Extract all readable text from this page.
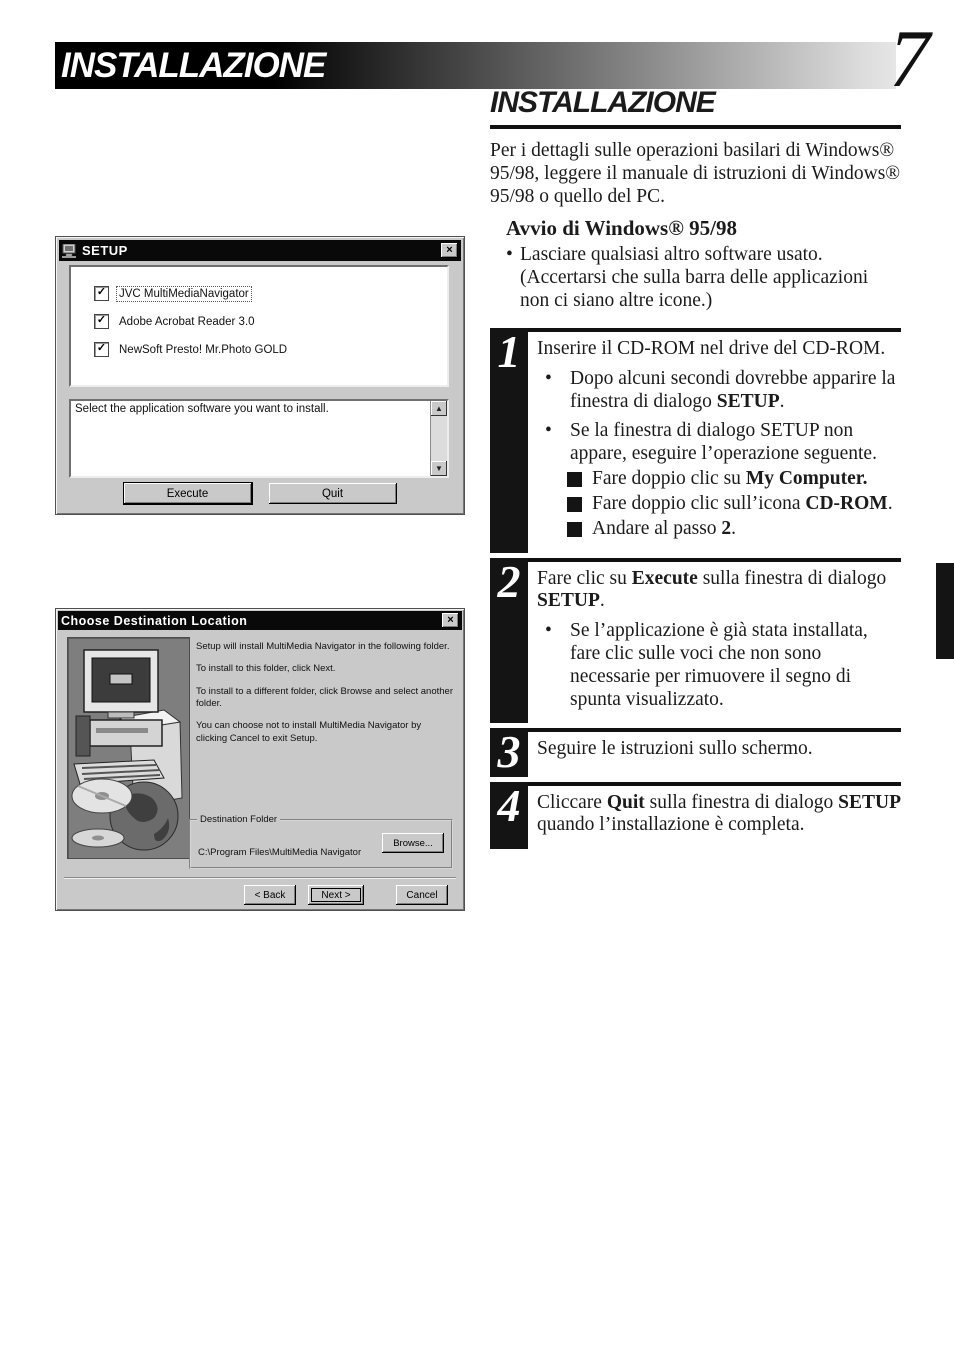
INSTALLAZIONE	7
SETUP	×
✓ JVC MultiMediaNavigator
✓ Adobe Acrobat Reader 3.0
✓ NewSoft Presto! Mr.Photo GOLD
Select the application software you want to install.	▲
▼
Execute	Quit
Choose Destination Location	×

Setup will install MultiMedia Navigator in the following folder.

To install to this folder, click Next.

To install to a different folder, click Browse and select another folder.

You can choose not to install MultiMedia Navigator by clicking Cancel to exit Setup.

Destination Folder
C:\Program Files\MultiMedia Navigator
Browse...
< Back	Next >	Cancel
INSTALLAZIONE

Per i dettagli sulle operazioni basilari di Windows® 95/98, leggere il manuale di istruzioni di Windows® 95/98 o quello del PC.

Avvio di Windows® 95/98
• Lasciare qualsiasi altro software usato. (Accertarsi che sulla barra delle applicazioni non ci siano altre icone.)
1 Inserire il CD-ROM nel drive del CD-ROM.
• Dopo alcuni secondi dovrebbe apparire la finestra di dialogo SETUP.
• Se la finestra di dialogo SETUP non appare, eseguire l’operazione seguente.
Fare doppio clic su My Computer.
Fare doppio clic sull’icona CD-ROM.
Andare al passo 2.
2 Fare clic su Execute sulla finestra di dialogo SETUP.
• Se l’applicazione è già stata installata, fare clic sulle voci che non sono necessarie per rimuovere il segno di spunta visualizzato.
3 Seguire le istruzioni sullo schermo.
4 Cliccare Quit sulla finestra di dialogo SETUP quando l’installazione è completa.
